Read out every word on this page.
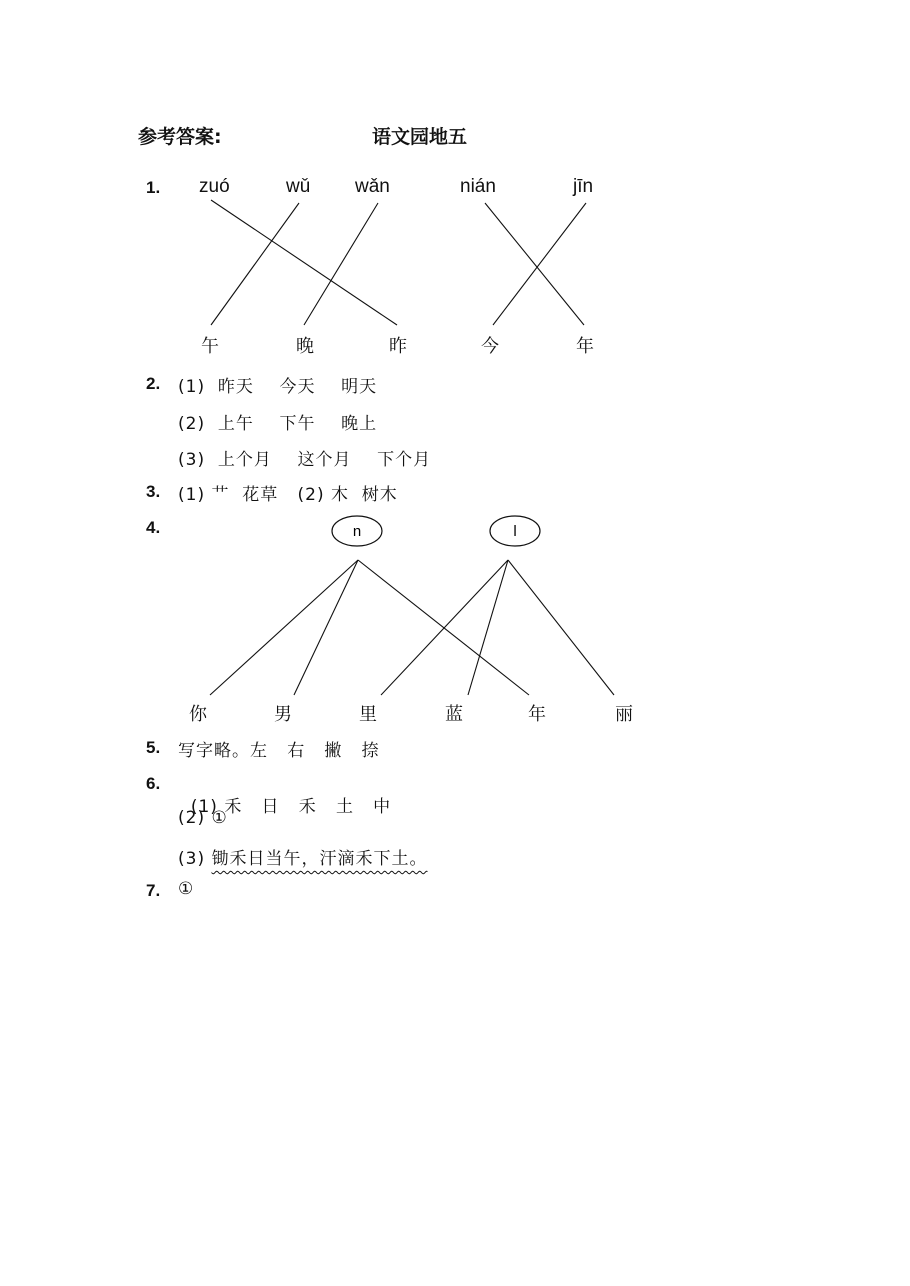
参考答案:	语文园地五
1. zuó	wǔ wǎn	nián	jīn
午	晚	昨	今	年
n	l
2. (1) 昨天 今天 明天
(2) 上午 下午 晚上
(3) 上个月 这个月 下个月
3. (1) 艹  花草   (2) 木  树木
4.
你	男	里	蓝	年	丽
5. 写字略。左   右   撇   捺
6.

(1) 禾   日   禾   土   中

(2) ①
(3) 锄禾日当午，汗滴禾下土。
7. ①
